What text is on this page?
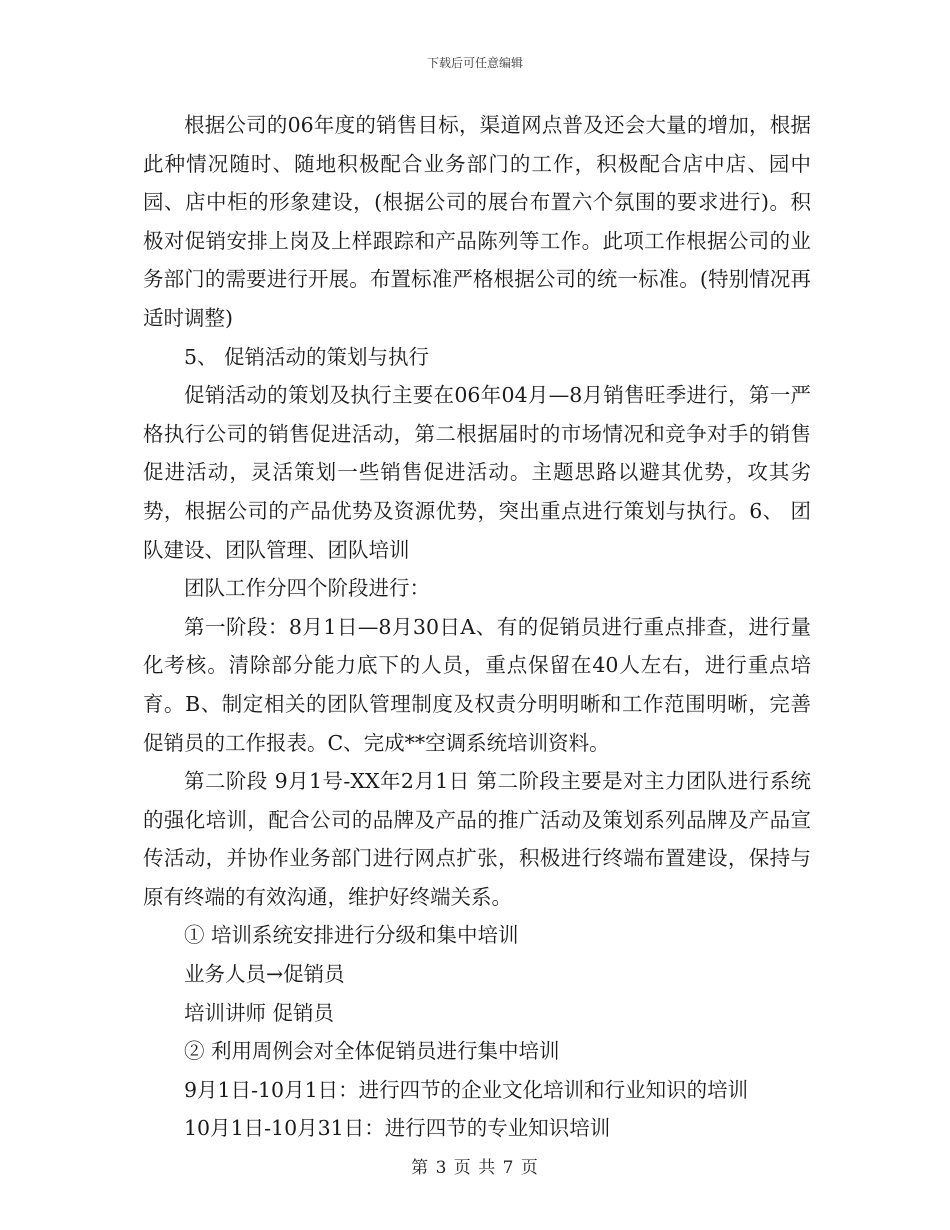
下载后可任意编辑

根据公司的06年度的销售目标，渠道网点普及还会大量的增加，根据此种情况随时、随地积极配合业务部门的工作，积极配合店中店、园中园、店中柜的形象建设，(根据公司的展台布置六个氛围的要求进行)。积极对促销安排上岗及上样跟踪和产品陈列等工作。此项工作根据公司的业务部门的需要进行开展。布置标准严格根据公司的统一标准。(特别情况再适时调整)

5、 促销活动的策划与执行

促销活动的策划及执行主要在06年04月—8月销售旺季进行，第一严格执行公司的销售促进活动，第二根据届时的市场情况和竞争对手的销售促进活动，灵活策划一些销售促进活动。主题思路以避其优势，攻其劣势，根据公司的产品优势及资源优势，突出重点进行策划与执行。6、 团队建设、团队管理、团队培训

团队工作分四个阶段进行：

第一阶段：8月1日—8月30日A、有的促销员进行重点排查，进行量化考核。清除部分能力底下的人员，重点保留在40人左右，进行重点培育。B、制定相关的团队管理制度及权责分明明晰和工作范围明晰，完善促销员的工作报表。C、完成**空调系统培训资料。

第二阶段 9月1号-XX年2月1日 第二阶段主要是对主力团队进行系统的强化培训，配合公司的品牌及产品的推广活动及策划系列品牌及产品宣传活动，并协作业务部门进行网点扩张，积极进行终端布置建设，保持与原有终端的有效沟通，维护好终端关系。

① 培训系统安排进行分级和集中培训

业务人员→促销员

培训讲师 促销员

② 利用周例会对全体促销员进行集中培训

9月1日-10月1日：进行四节的企业文化培训和行业知识的培训

10月1日-10月31日：进行四节的专业知识培训

第 3 页 共 7 页
